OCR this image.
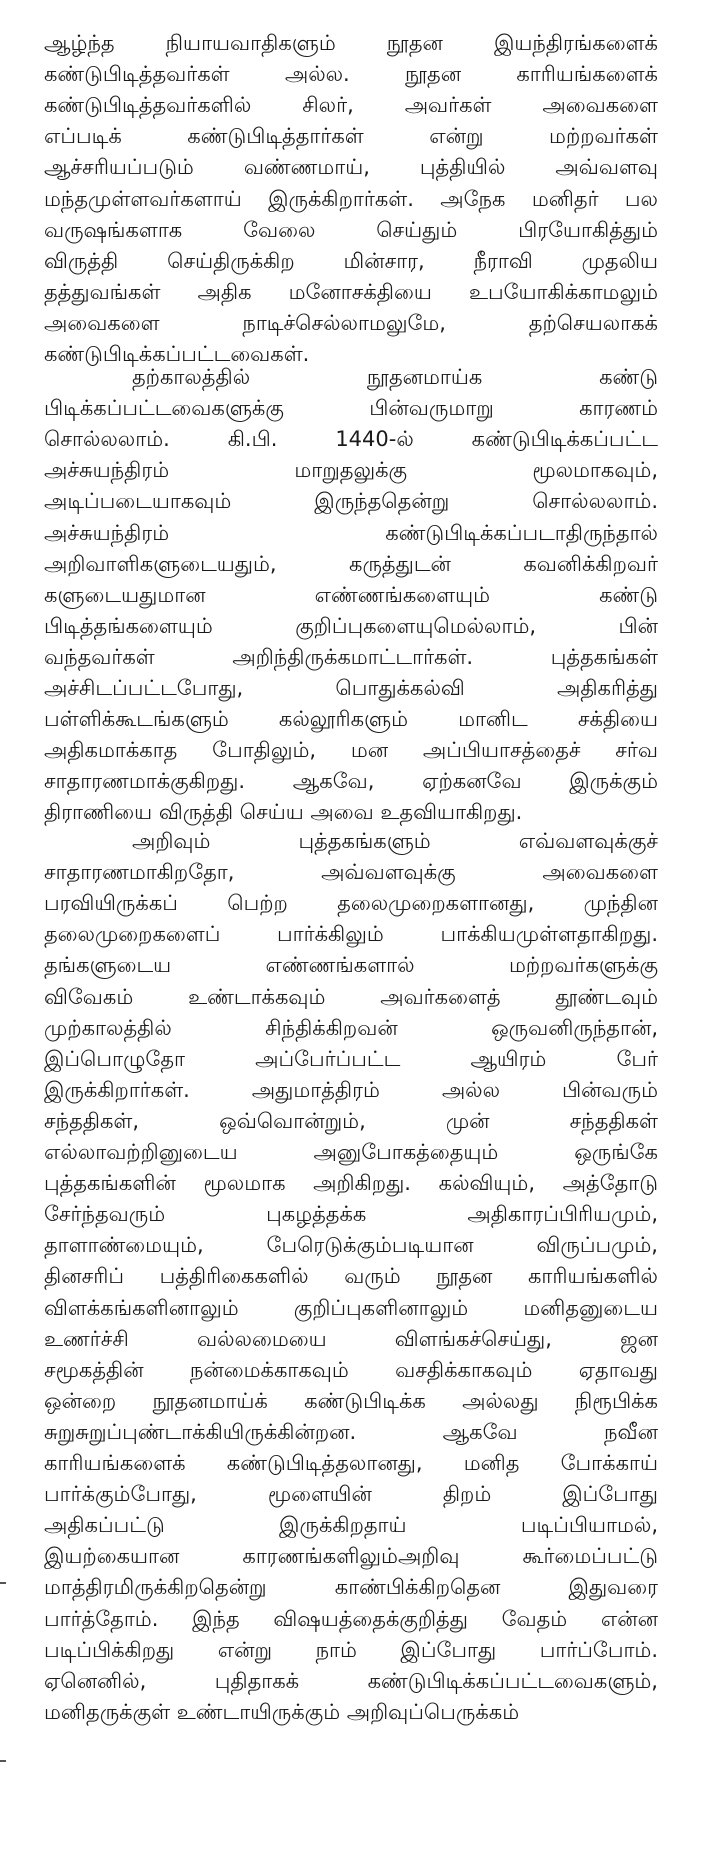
ஆழ்ந்த நியாயவாதிகளும் நூதன இயந்திரங்களைக்
கண்டுபிடித்தவர்கள் அல்ல. நூதன காரியங்களைக்
கண்டுபிடித்தவர்களில் சிலர், அவர்கள் அவைகளை
எப்படிக் கண்டுபிடித்தார்கள் என்று மற்றவர்கள்
ஆச்சரியப்படும் வண்ணமாய், புத்தியில் அவ்வளவு
மந்தமுள்ளவர்களாய் இருக்கிறார்கள். அநேக மனிதர் பல
வருஷங்களாக வேலை செய்தும் பிரயோகித்தும்
விருத்தி செய்திருக்கிற மின்சார, நீராவி முதலிய
தத்துவங்கள் அதிக மனோசக்தியை உபயோகிக்காமலும்
அவைகளை நாடிச்செல்லாமலுமே, தற்செயலாகக்
கண்டுபிடிக்கப்பட்டவைகள்.
தற்காலத்தில் நூதனமாய்க கண்டு
பிடிக்கப்பட்டவைகளுக்கு பின்வருமாறு காரணம்
சொல்லலாம். கி.பி. 1440-ல் கண்டுபிடிக்கப்பட்ட
அச்சுயந்திரம் மாறுதலுக்கு மூலமாகவும்,
அடிப்படையாகவும் இருந்ததென்று சொல்லலாம்.
அச்சுயந்திரம் கண்டுபிடிக்கப்படாதிருந்தால்
அறிவாளிகளுடையதும், கருத்துடன் கவனிக்கிறவர்
களுடையதுமான எண்ணங்களையும் கண்டு
பிடித்தங்களையும் குறிப்புகளையுமெல்லாம், பின்
வந்தவர்கள் அறிந்திருக்கமாட்டார்கள். புத்தகங்கள்
அச்சிடப்பட்டபோது, பொதுக்கல்வி அதிகரித்து
பள்ளிக்கூடங்களும் கல்லூரிகளும் மானிட சக்தியை
அதிகமாக்காத போதிலும், மன அப்பியாசத்தைச் சர்வ
சாதாரணமாக்குகிறது. ஆகவே, ஏற்கனவே இருக்கும்
திராணியை விருத்தி செய்ய அவை உதவியாகிறது.
அறிவும் புத்தகங்களும் எவ்வளவுக்குச்
சாதாரணமாகிறதோ, அவ்வளவுக்கு அவைகளை
பரவியிருக்கப் பெற்ற தலைமுறைகளானது, முந்தின
தலைமுறைகளைப் பார்க்கிலும் பாக்கியமுள்ளதாகிறது.
தங்களுடைய எண்ணங்களால் மற்றவர்களுக்கு
விவேகம் உண்டாக்கவும் அவர்களைத் தூண்டவும்
முற்காலத்தில் சிந்திக்கிறவன் ஒருவனிருந்தான்,
இப்பொழுதோ அப்பேர்ப்பட்ட ஆயிரம் பேர்
இருக்கிறார்கள். அதுமாத்திரம் அல்ல பின்வரும்
சந்ததிகள், ஒவ்வொன்றும், முன் சந்ததிகள்
எல்லாவற்றினுடைய அனுபோகத்தையும் ஒருங்கே
புத்தகங்களின் மூலமாக அறிகிறது. கல்வியும், அத்தோடு
சேர்ந்தவரும் புகழத்தக்க அதிகாரப்பிரியமும்,
தாளாண்மையும், பேரெடுக்கும்படியான விருப்பமும்,
தினசரிப் பத்திரிகைகளில் வரும் நூதன காரியங்களில்
விளக்கங்களினாலும் குறிப்புகளினாலும் மனிதனுடைய
உணர்ச்சி வல்லமையை விளங்கச்செய்து, ஜன
சமூகத்தின் நன்மைக்காகவும் வசதிக்காகவும் ஏதாவது
ஒன்றை நூதனமாய்க் கண்டுபிடிக்க அல்லது நிரூபிக்க
சுறுசுறுப்புண்டாக்கியிருக்கின்றன. ஆகவே நவீன
காரியங்களைக் கண்டுபிடித்தலானது, மனித போக்காய்
பார்க்கும்போது, மூளையின் திறம் இப்போது
அதிகப்பட்டு இருக்கிறதாய் படிப்பியாமல்,
இயற்கையான காரணங்களிலும்அறிவு கூர்மைப்பட்டு
மாத்திரமிருக்கிறதென்று காண்பிக்கிறதென இதுவரை
பார்த்தோம். இந்த விஷயத்தைக்குறித்து வேதம் என்ன
படிப்பிக்கிறது என்று நாம் இப்போது பார்ப்போம்.
ஏனெனில், புதிதாகக் கண்டுபிடிக்கப்பட்டவைகளும்,
மனிதருக்குள் உண்டாயிருக்கும் அறிவுப்பெருக்கம்
